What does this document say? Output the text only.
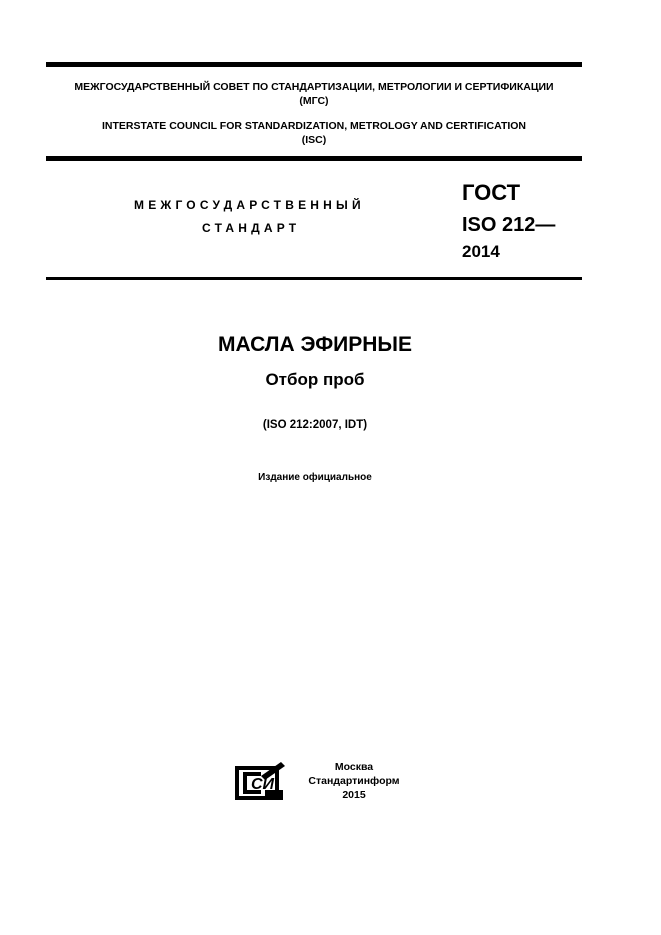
МЕЖГОСУДАРСТВЕННЫЙ СОВЕТ ПО СТАНДАРТИЗАЦИИ, МЕТРОЛОГИИ И СЕРТИФИКАЦИИ
(МГС)
INTERSTATE COUNCIL FOR STANDARDIZATION, METROLOGY AND CERTIFICATION
(ISC)
МЕЖГОСУДАРСТВЕННЫЙ
СТАНДАРТ
ГОСТ
ISO 212—
2014
МАСЛА ЭФИРНЫЕ
Отбор проб
(ISO 212:2007, IDT)
Издание официальное
СИ
Москва
Стандартинформ
2015
